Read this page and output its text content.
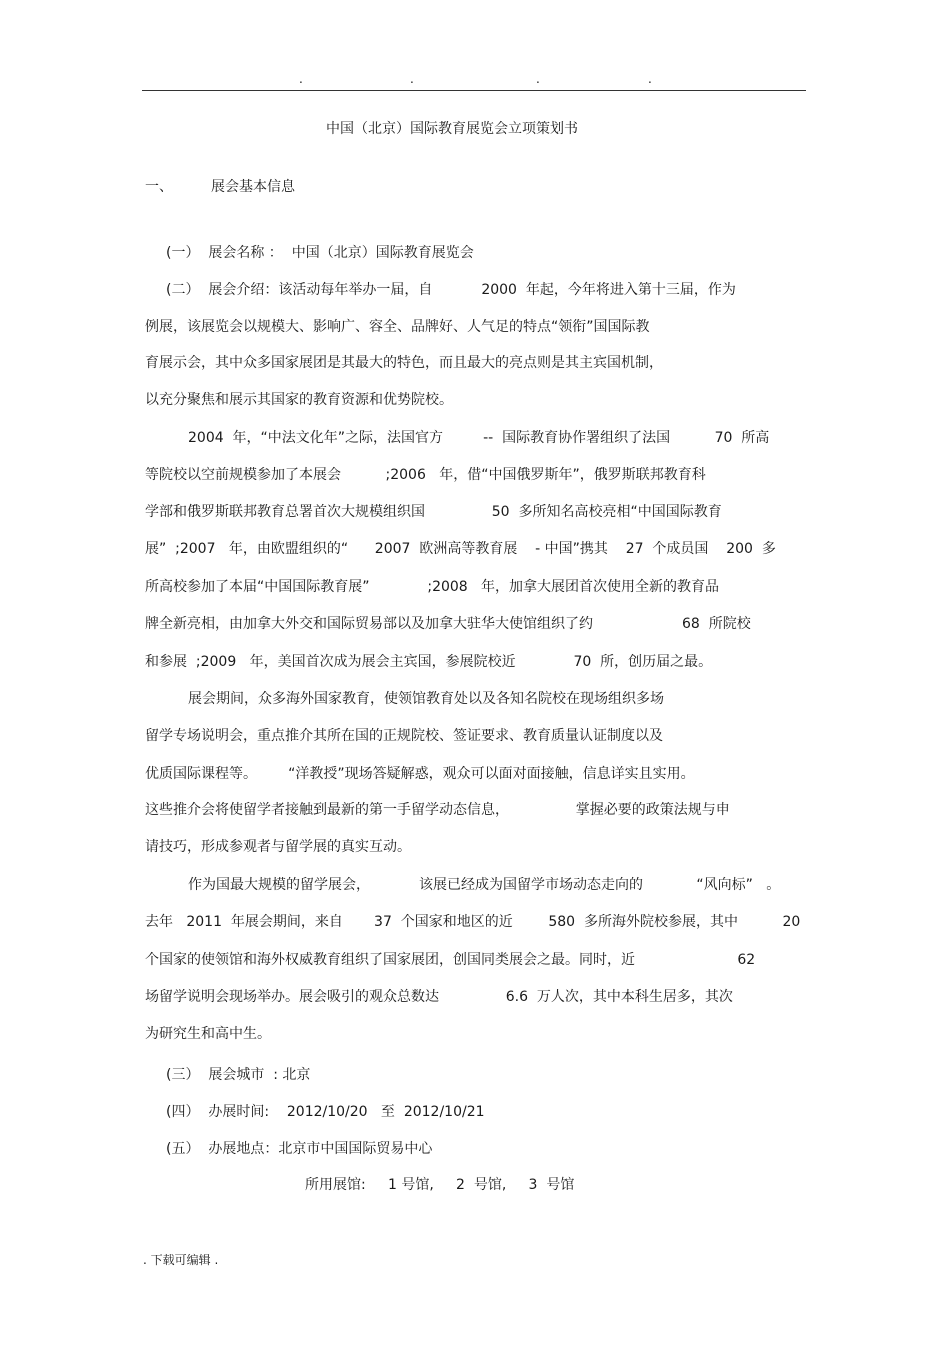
.	.	.	.
中国（北京）国际教育展览会立项策划书
一、	展会基本信息
(一）  展会名称 ：  中国（北京）国际教育展览会
(二）  展会介绍：该活动每年举办一届，自           2000  年起，今年将进入第十三届，作为
例展，该展览会以规模大、影响广、容全、品牌好、人气足的特点“领衔”国国际教
育展示会，其中众多国家展团是其最大的特色，而且最大的亮点则是其主宾国机制，
以充分聚焦和展示其国家的教育资源和优势院校。
2004  年，“中法文化年”之际，法国官方         --  国际教育协作署组织了法国          70  所高
等院校以空前规模参加了本展会          ;2006   年，借“中国俄罗斯年”，俄罗斯联邦教育科
学部和俄罗斯联邦教育总署首次大规模组织国               50  多所知名高校亮相“中国国际教育
展”  ;2007   年，由欧盟组织的“      2007  欧洲高等教育展    - 中国”携其    27  个成员国    200  多
所高校参加了本届“中国国际教育展”             ;2008   年，加拿大展团首次使用全新的教育品
牌全新亮相，由加拿大外交和国际贸易部以及加拿大驻华大使馆组织了约                    68  所院校
和参展  ;2009   年，美国首次成为展会主宾国，参展院校近             70  所，创历届之最。
展会期间，众多海外国家教育，使领馆教育处以及各知名院校在现场组织多场
留学专场说明会，重点推介其所在国的正规院校、签证要求、教育质量认证制度以及
优质国际课程等。       “洋教授”现场答疑解惑，观众可以面对面接触，信息详实且实用。
这些推介会将使留学者接触到最新的第一手留学动态信息，               掌握必要的政策法规与申
请技巧，形成参观者与留学展的真实互动。
作为国最大规模的留学展会，           该展已经成为国留学市场动态走向的            “风向标”   。
去年   2011  年展会期间，来自       37  个国家和地区的近        580  多所海外院校参展，其中          20
个国家的使领馆和海外权威教育组织了国家展团，创国同类展会之最。同时，近                       62
场留学说明会现场举办。展会吸引的观众总数达               6.6  万人次，其中本科生居多，其次
为研究生和高中生。
(三）  展会城市  : 北京
(四）  办展时间:    2012/10/20   至  2012/10/21
(五）  办展地点：北京市中国国际贸易中心
所用展馆:     1 号馆,     2  号馆,     3  号馆
. 下载可编辑 .
